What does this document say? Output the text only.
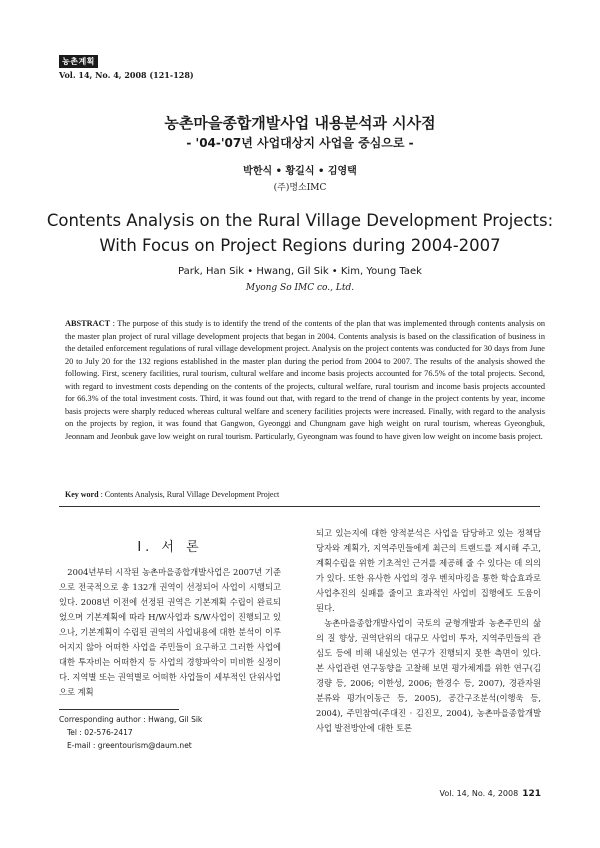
농촌계획
Vol. 14, No. 4, 2008 (121-128)
농촌마을종합개발사업 내용분석과 시사점
- '04-'07년 사업대상지 사업을 중심으로 -
박한식 • 황길식 • 김영택
(주)명소IMC
Contents Analysis on the Rural Village Development Projects:
With Focus on Project Regions during 2004-2007
Park, Han Sik • Hwang, Gil Sik • Kim, Young Taek
Myong So IMC co., Ltd.
ABSTRACT : The purpose of this study is to identify the trend of the contents of the plan that was implemented through contents analysis on the master plan project of rural village development projects that began in 2004. Contents analysis is based on the classification of business in the detailed enforcement regulations of rural village development project. Analysis on the project contents was conducted for 30 days from June 20 to July 20 for the 132 regions established in the master plan during the period from 2004 to 2007. The results of the analysis showed the following. First, scenery facilities, rural tourism, cultural welfare and income basis projects accounted for 76.5% of the total projects. Second, with regard to investment costs depending on the contents of the projects, cultural welfare, rural tourism and income basis projects accounted for 66.3% of the total investment costs. Third, it was found out that, with regard to the trend of change in the project contents by year, income basis projects were sharply reduced whereas cultural welfare and scenery facilities projects were increased. Finally, with regard to the analysis on the projects by region, it was found that Gangwon, Gyeonggi and Chungnam gave high weight on rural tourism, whereas Gyeongbuk, Jeonnam and Jeonbuk gave low weight on rural tourism. Particularly, Gyeongnam was found to have given low weight on income basis project.
Key word : Contents Analysis, Rural Village Development Project
I. 서 론

2004년부터 시작된 농촌마을종합개발사업은 2007년 기준으로 전국적으로 총 132개 권역이 선정되어 사업이 시행되고 있다. 2008년 이전에 선정된 권역은 기본계획 수립이 완료되었으며 기본계획에 따라 H/W사업과 S/W사업이 진행되고 있으나, 기본계획이 수립된 권역의 사업내용에 대한 분석이 이루어지지 않아 어떠한 사업을 주민들이 요구하고 그러한 사업에 대한 투자비는 어떠한지 등 사업의 경향파악이 미비한 실정이다. 지역별 또는 권역별로 어떠한 사업들이 세부적인 단위사업으로 계획

되고 있는지에 대한 양적분석은 사업을 담당하고 있는 정책담당자와 계획가, 지역주민들에게 최근의 트랜드를 제시해 주고, 계획수립을 위한 기초적인 근거를 제공해 줄 수 있다는 데 의의가 있다. 또한 유사한 사업의 경우 벤치마킹을 통한 학습효과로 사업추진의 실패를 줄이고 효과적인 사업비 집행에도 도움이 된다.

농촌마을종합개발사업이 국토의 균형개발과 농촌주민의 삶의 질 향상, 권역단위의 대규모 사업비 투자, 지역주민들의 관심도 등에 비해 내실있는 연구가 진행되지 못한 측면이 있다. 본 사업관련 연구동향을 고찰해 보면 평가체계를 위한 연구(김경량 등, 2006; 이한성, 2006; 한경수 등, 2007), 경관자원 분류와 평가(이동근 등, 2005), 공간구조분석(이행욱 등, 2004), 주민참여(주대진 · 김진모, 2004), 농촌마을종합개발사업 발전방안에 대한 토론

Corresponding author : Hwang, Gil Sik
Tel : 02-576-2417
E-mail : greentourism@daum.net
Vol. 14, No. 4, 2008 121
